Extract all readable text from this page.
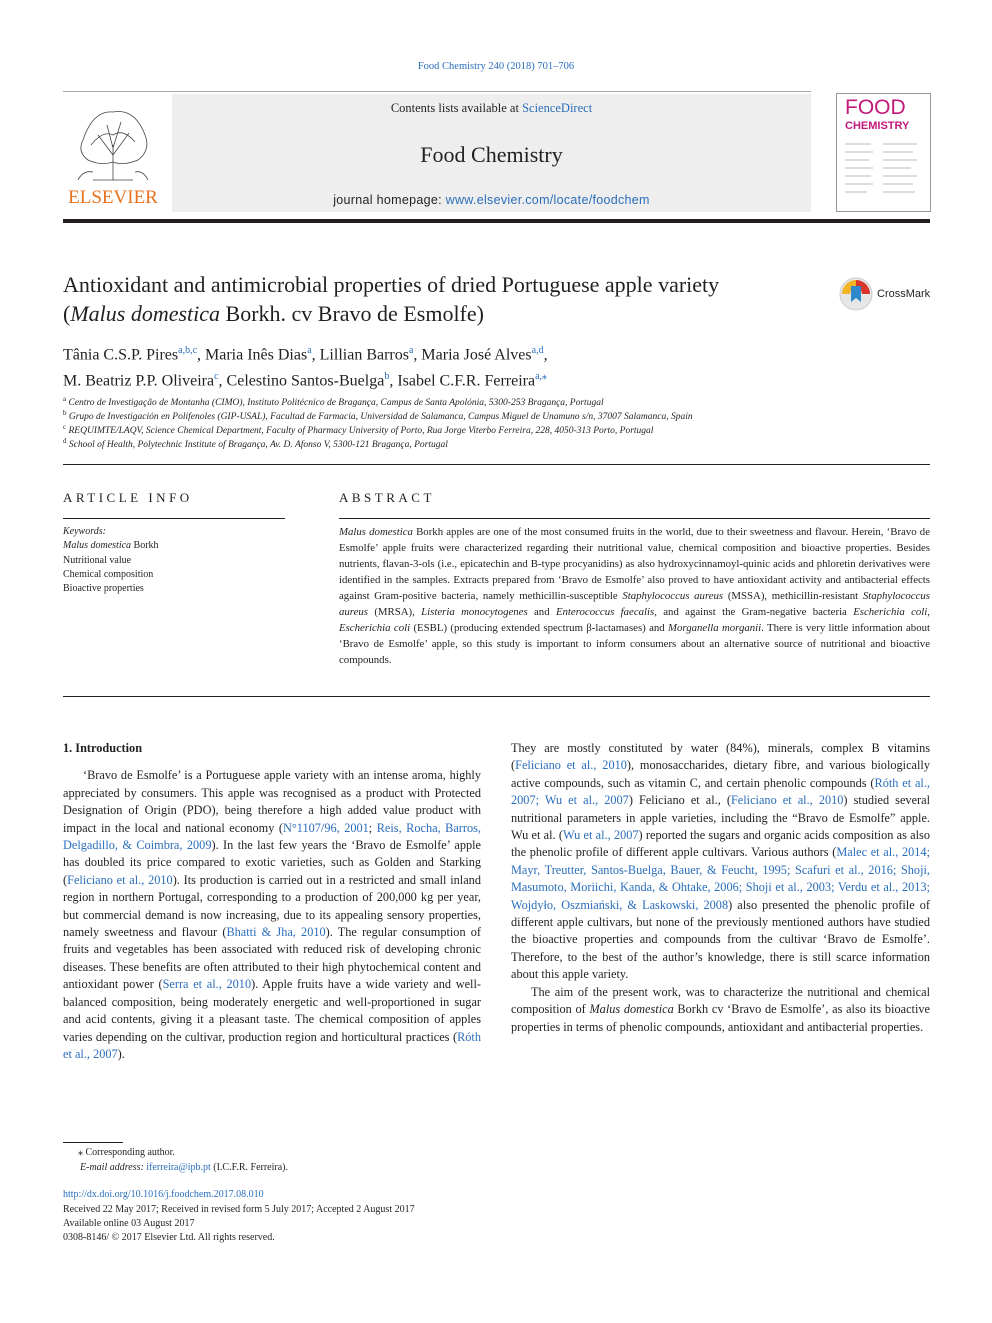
Food Chemistry 240 (2018) 701–706
ELSEVIER
Contents lists available at ScienceDirect
Food Chemistry
journal homepage: www.elsevier.com/locate/foodchem
FOOD
CHEMISTRY
Antioxidant and antimicrobial properties of dried Portuguese apple variety
(Malus domestica Borkh. cv Bravo de Esmolfe)
CrossMark
Tânia C.S.P. Pires$^{a,b,c}$, Maria Inês Dias$^a$, Lillian Barros$^a$, Maria José Alves$^{a,d}$,
M. Beatriz P.P. Oliveira$^c$, Celestino Santos-Buelga$^b$, Isabel C.F.R. Ferreira$^{a,⁎}$
$^a$ Centro de Investigação de Montanha (CIMO), Instituto Politécnico de Bragança, Campus de Santa Apolónia, 5300-253 Bragança, Portugal
$^b$ Grupo de Investigación en Polifenoles (GIP-USAL), Facultad de Farmacia, Universidad de Salamanca, Campus Miguel de Unamuno s/n, 37007 Salamanca, Spain
$^c$ REQUIMTE/LAQV, Science Chemical Department, Faculty of Pharmacy University of Porto, Rua Jorge Viterbo Ferreira, 228, 4050-313 Porto, Portugal
$^d$ School of Health, Polytechnic Institute of Bragança, Av. D. Afonso V, 5300-121 Bragança, Portugal
ARTICLE INFO
Keywords:
Malus domestica Borkh
Nutritional value
Chemical composition
Bioactive properties
ABSTRACT
Malus domestica Borkh apples are one of the most consumed fruits in the world, due to their sweetness and flavour. Herein, ‘Bravo de Esmolfe’ apple fruits were characterized regarding their nutritional value, chemical composition and bioactive properties. Besides nutrients, flavan-3-ols (i.e., epicatechin and B-type procyanidins) as also hydroxycinnamoyl-quinic acids and phloretin derivatives were identified in the samples. Extracts prepared from ‘Bravo de Esmolfe’ also proved to have antioxidant activity and antibacterial effects against Gram-positive bacteria, namely methicillin-susceptible Staphylococcus aureus (MSSA), methicillin-resistant Staphylococcus aureus (MRSA), Listeria monocytogenes and Enterococcus faecalis, and against the Gram-negative bacteria Escherichia coli, Escherichia coli (ESBL) (producing extended spectrum β-lactamases) and Morganella morganii. There is very little information about ‘Bravo de Esmolfe’ apple, so this study is important to inform consumers about an alternative source of nutritional and bioactive compounds.
1. Introduction

‘Bravo de Esmolfe’ is a Portuguese apple variety with an intense aroma, highly appreciated by consumers. This apple was recognised as a product with Protected Designation of Origin (PDO), being therefore a high added value product with impact in the local and national economy (N°1107/96, 2001; Reis, Rocha, Barros, Delgadillo, & Coimbra, 2009). In the last few years the ‘Bravo de Esmolfe’ apple has doubled its price compared to exotic varieties, such as Golden and Starking (Feliciano et al., 2010). Its production is carried out in a restricted and small inland region in northern Portugal, corresponding to a production of 200,000 kg per year, but commercial demand is now increasing, due to its appealing sensory properties, namely sweetness and flavour (Bhatti & Jha, 2010). The regular consumption of fruits and vegetables has been associated with reduced risk of developing chronic diseases. These benefits are often attributed to their high phytochemical content and antioxidant power (Serra et al., 2010). Apple fruits have a wide variety and well-balanced composition, being moderately energetic and well-proportioned in sugar and acid contents, giving it a pleasant taste. The chemical composition of apples varies depending on the cultivar, production region and horticultural practices (Róth et al., 2007).

They are mostly constituted by water (84%), minerals, complex B vitamins (Feliciano et al., 2010), monosaccharides, dietary fibre, and various biologically active compounds, such as vitamin C, and certain phenolic compounds (Róth et al., 2007; Wu et al., 2007) Feliciano et al., (Feliciano et al., 2010) studied several nutritional parameters in apple varieties, including the “Bravo de Esmolfe” apple. Wu et al. (Wu et al., 2007) reported the sugars and organic acids composition as also the phenolic profile of different apple cultivars. Various authors (Malec et al., 2014; Mayr, Treutter, Santos-Buelga, Bauer, & Feucht, 1995; Scafuri et al., 2016; Shoji, Masumoto, Moriichi, Kanda, & Ohtake, 2006; Shoji et al., 2003; Verdu et al., 2013; Wojdyło, Oszmiański, & Laskowski, 2008) also presented the phenolic profile of different apple cultivars, but none of the previously mentioned authors have studied the bioactive properties and compounds from the cultivar ‘Bravo de Esmolfe’. Therefore, to the best of the author’s knowledge, there is still scarce information about this apple variety.

The aim of the present work, was to characterize the nutritional and chemical composition of Malus domestica Borkh cv ‘Bravo de Esmolfe’, as also its bioactive properties in terms of phenolic compounds, antioxidant and antibacterial properties.

⁎ Corresponding author.
E-mail address: iferreira@ipb.pt (I.C.F.R. Ferreira).
http://dx.doi.org/10.1016/j.foodchem.2017.08.010
Received 22 May 2017; Received in revised form 5 July 2017; Accepted 2 August 2017
Available online 03 August 2017
0308-8146/ © 2017 Elsevier Ltd. All rights reserved.
